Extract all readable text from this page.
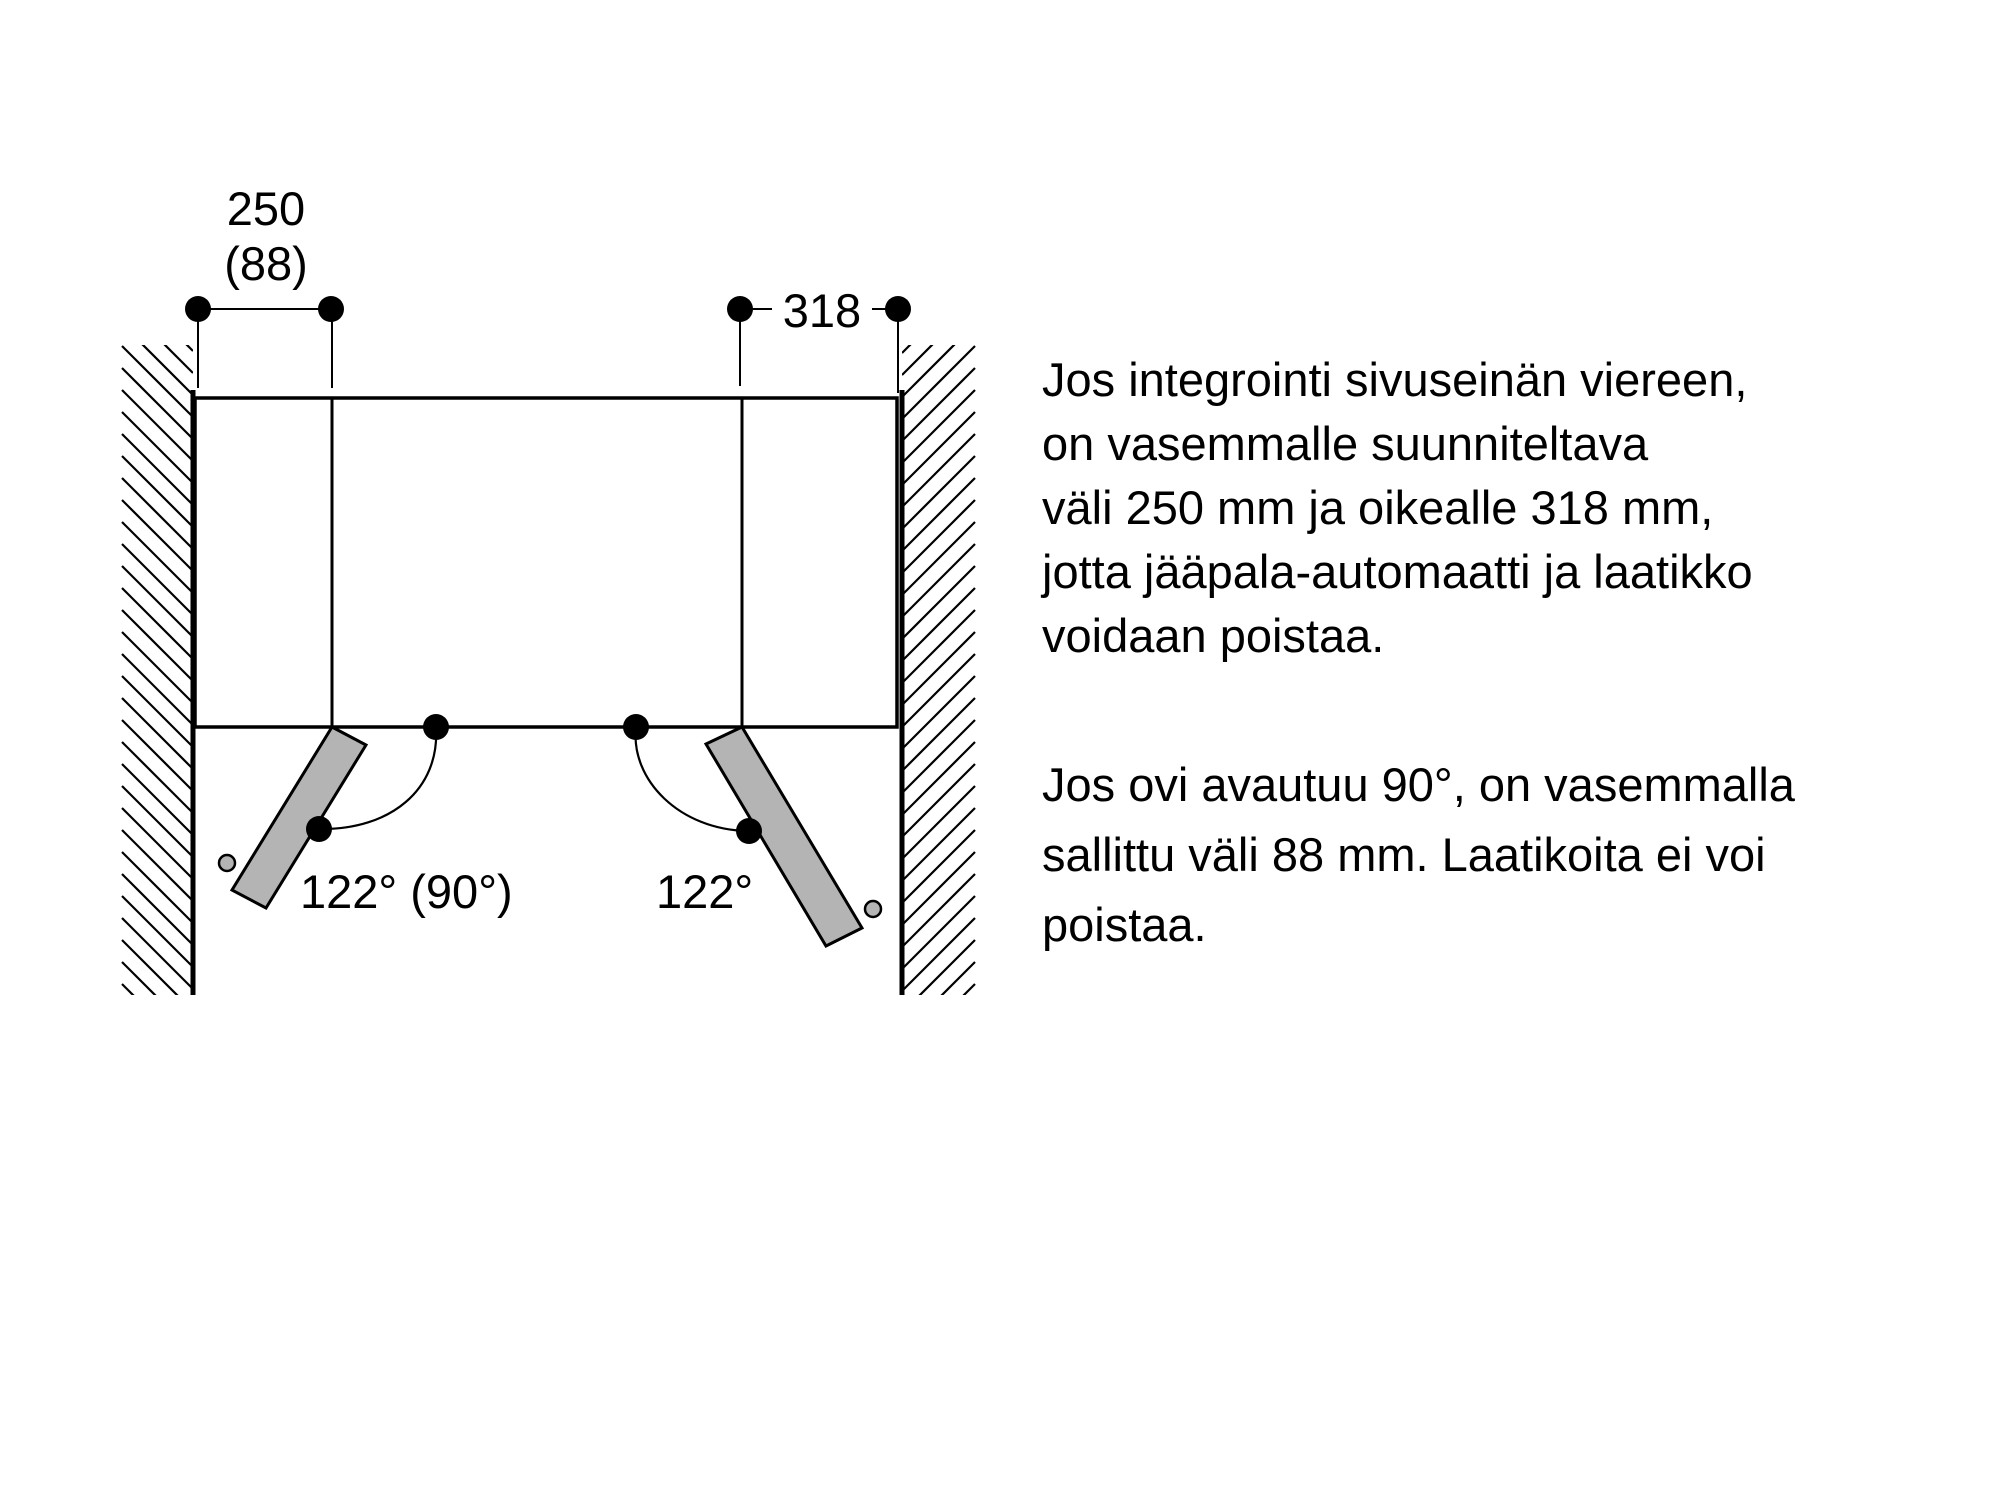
250
(88)
318
122° (90°)	122°

Jos integrointi sivuseinän viereen,

on vasemmalle suunniteltava

väli 250 mm ja oikealle 318 mm,

jotta jääpala-automaatti ja laatikko

voidaan poistaa.

Jos ovi avautuu 90°, on vasemmalla

sallittu väli 88 mm. Laatikoita ei voi

poistaa.
